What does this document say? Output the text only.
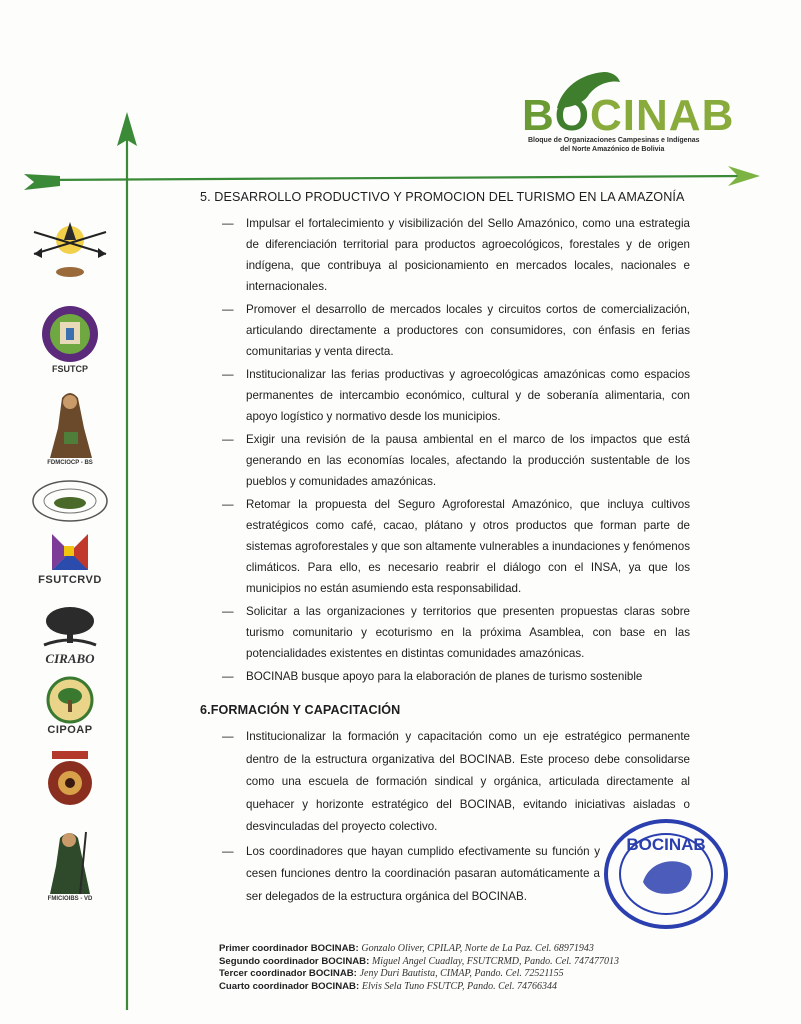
BOCINAB
Bloque de Organizaciones Campesinas e Indígenas
del Norte Amazónico de Bolivia
FSUTCP
FDMCIOCP - BS
FSUTCRVD
CIRABO
CIPOAP
FMICIOIBS - VD
5. DESARROLLO PRODUCTIVO Y PROMOCION DEL TURISMO EN LA AMAZONÍA
— Impulsar el fortalecimiento y visibilización del Sello Amazónico, como una estrategia de diferenciación territorial para productos agroecológicos, forestales y de origen indígena, que contribuya al posicionamiento en mercados locales, nacionales e internacionales.
— Promover el desarrollo de mercados locales y circuitos cortos de comercialización, articulando directamente a productores con consumidores, con énfasis en ferias comunitarias y venta directa.
— Institucionalizar las ferias productivas y agroecológicas amazónicas como espacios permanentes de intercambio económico, cultural y de soberanía alimentaria, con apoyo logístico y normativo desde los municipios.
— Exigir una revisión de la pausa ambiental en el marco de los impactos que está generando en las economías locales, afectando la producción sustentable de los pueblos y comunidades amazónicas.
— Retomar la propuesta del Seguro Agroforestal Amazónico, que incluya cultivos estratégicos como café, cacao, plátano y otros productos que forman parte de sistemas agroforestales y que son altamente vulnerables a inundaciones y fenómenos climáticos. Para ello, es necesario reabrir el diálogo con el INSA, ya que los municipios no están asumiendo esta responsabilidad.
— Solicitar a las organizaciones y territorios que presenten propuestas claras sobre turismo comunitario y ecoturismo en la próxima Asamblea, con base en las potencialidades existentes en distintas comunidades amazónicas.
— BOCINAB busque apoyo para la elaboración de planes de turismo sostenible
6.FORMACIÓN Y CAPACITACIÓN
— Institucionalizar la formación y capacitación como un eje estratégico permanente dentro de la estructura organizativa del BOCINAB. Este proceso debe consolidarse como una escuela de formación sindical y orgánica, articulada directamente al quehacer y horizonte estratégico del BOCINAB, evitando iniciativas aisladas o desvinculadas del proyecto colectivo.
— Los coordinadores que hayan cumplido efectivamente su función y cesen funciones dentro la coordinación pasaran automáticamente a ser delegados de la estructura orgánica del BOCINAB.
BOCINAB
Primer coordinador BOCINAB: Gonzalo Oliver, CPILAP, Norte de La Paz. Cel. 68971943
Segundo coordinador BOCINAB: Miguel Angel Cuadlay, FSUTCRMD, Pando. Cel. 747477013
Tercer coordinador BOCINAB: Jeny Duri Bautista, CIMAP, Pando. Cel. 72521155
Cuarto coordinador BOCINAB: Elvis Sela Tuno FSUTCP, Pando. Cel. 74766344
